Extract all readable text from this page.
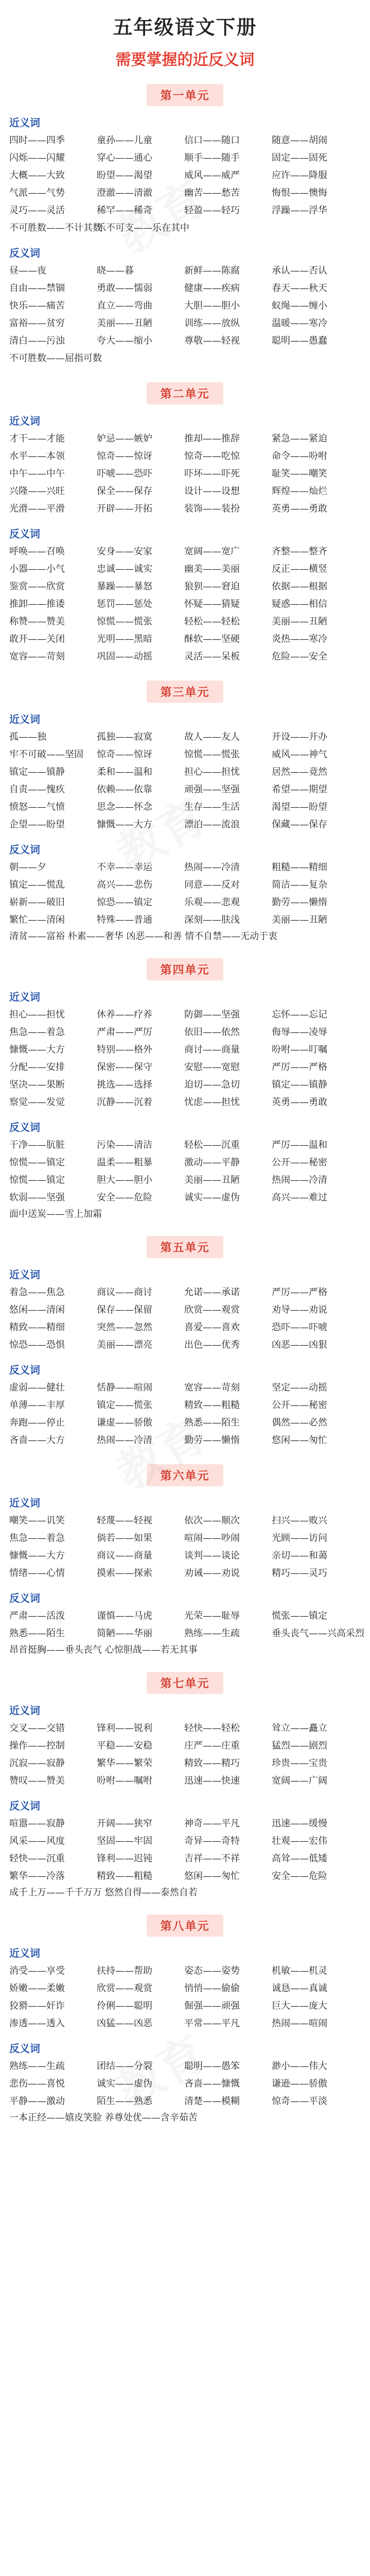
五年级语文下册
需要掌握的近反义词
第一单元
近义词
四时——四季	童孙——儿童	信口——随口	随意——胡闹
闪烁——闪耀	穿心——通心	顺手——随手	固定——固死
大概——大致	盼望——渴望	威风——威严	应许——降服
气派——气势	澄澈——清澈	幽苦——愁苦	悔恨——懊悔
灵巧——灵活	稀罕——稀奇	轻盈——轻巧	浮躁——浮华
不可胜数——不计其数
乐不可支——乐在其中
反义词
昼——夜	晓——暮	新鲜——陈腐	承认——否认
自由——禁锢	勇敢——懦弱	健康——疾病	春天——秋天
快乐——痛苦	直立——弯曲	大胆——胆小	蚁绳——缠小
富裕——贫穷	美丽——丑陋	训练——放纵	温暖——寒冷
清白——污浊	夸大——缩小	尊敬——轻视	聪明——愚蠢
不可胜数——屈指可数
第二单元
近义词
才干——才能	妒忌——嫉妒	推却——推辞	紧急——紧迫
水平——本领	惊奇——惊讶	惊奇——吃惊	命令——吩咐
中午——中午	吓唬——恐吓	吓坏——吓死	耻笑——嘲笑
兴隆——兴旺	保全——保存	设计——设想	辉煌——灿烂
光滑——平滑	开辟——开拓	装饰——装扮	英勇——勇敢
反义词
呼唤——召唤	安身——安家	宽阔——宽广	齐整——整齐
小器——小气	忠诚——诚实	幽美——美丽	反正——横竖
鉴赏——欣赏	暴躁——暴怒	狼狈——窘迫	依据——根据
推卸——推诿	惩罚——惩处	怀疑——猜疑	疑惑——相信
称赞——赞美	惊慌——慌张	轻松——轻松	美丽——丑陋
敢开——关闭	光明——黑暗	酥软——坚硬	炎热——寒冷
宽容——苛刻	巩固——动摇	灵活——呆板	危险——安全
第三单元
近义词
孤——独	孤独——寂寞	故人——友人	开设——开办
牢不可破——坚固	惊奇——惊讶	惊慌——慌张	威风——神气
镇定——镇静	柔和——温和	担心——担忧	居然——竟然
自责——愧疚	依赖——依靠	顽强——坚强	希望——期望
愤怒——气愤	思念——怀念	生存——生活	渴望——盼望
企望——盼望	慷慨——大方	漂泊——流浪	保藏——保存
反义词
朝——夕	不幸——幸运	热闹——冷清	粗糙——精细
镇定——慌乱	高兴——悲伤	同意——反对	简洁——复杂
崭新——破旧	惊恐——镇定	乐观——悲观	勤劳——懒惰
繁忙——清闲	特殊——普通	深刻——肤浅	美丽——丑陋
清贫——富裕 朴素——奢华 凶恶——和善 情不自禁——无动于衷
第四单元
近义词
担心——担忧	休养——疗养	防御——坚强	忘怀——忘记
焦急——着急	严肃——严厉	依旧——依然	侮辱——凌辱
慷慨——大方	特别——格外	商讨——商量	吩咐——叮嘱
分配——安排	保密——保守	安慰——宽慰	严厉——严格
坚决——果断	挑选——选择	迫切——急切	镇定——镇静
察觉——发觉	沉静——沉着	忧虑——担忧	英勇——勇敢
反义词
干净——肮脏	污染——清洁	轻松——沉重	严厉——温和
惊慌——镇定	温柔——粗暴	激动——平静	公开——秘密
惊慌——镇定	胆大——胆小	美丽——丑陋	热闹——冷清
软弱——坚强	安全——危险	诚实——虚伪	高兴——难过
面中送炭——雪上加霜
第五单元
近义词
着急——焦急	商议——商讨	允诺——承诺	严厉——严格
悠闲——清闲	保存——保留	欣赏——观赏	劝导——劝说
精致——精细	突然——忽然	喜爱——喜欢	恐吓——吓唬
惊恐——恐惧	美丽——漂亮	出色——优秀	凶恶——凶狠
反义词
虚弱——健壮	恬静——喧闹	宽容——苛刻	坚定——动摇
单薄——丰厚	镇定——慌张	精致——粗糙	公开——秘密
奔跑——停止	谦虚——骄傲	熟悉——陌生	偶然——必然
吝啬——大方	热闹——冷清	勤劳——懒惰	悠闲——匆忙
第六单元
近义词
嘲笑——讥笑	轻蔑——轻视	依次——顺次	扫兴——败兴
焦急——着急	倘若——如果	喧闹——吵闹	光顾——访问
慷慨——大方	商议——商量	谈判——谈论	亲切——和蔼
情绪——心情	摸索——探索	劝诫——劝说	精巧——灵巧
反义词
严肃——活泼	谨慎——马虎	光荣——耻辱	慌张——镇定
熟悉——陌生	简陋——华丽	熟练——生疏	垂头丧气——兴高采烈
昂首挺胸——垂头丧气 心惊胆战——若无其事
第七单元
近义词
交叉——交错	锋利——锐利	轻快——轻松	耸立——矗立
操作——控制	平稳——安稳	庄严——庄重	猛烈——剧烈
沉寂——寂静	繁华——繁荣	精致——精巧	珍贵——宝贵
赞叹——赞美	吩咐——嘱咐	迅速——快速	宽阔——广阔
反义词
喧嚣——寂静	开阔——狭窄	神奇——平凡	迅速——缓慢
风采——风度	坚固——牢固	奇异——奇特	壮观——宏伟
轻快——沉重	锋利——迟钝	吉祥——不祥	高耸——低矮
繁华——冷落	精致——粗糙	悠闲——匆忙	安全——危险
成千上万——千千万万 悠然自得——泰然自若
第八单元
近义词
消受——享受	扶持——帮助	姿态——姿势	机敏——机灵
娇嫩——柔嫩	欣赏——观赏	悄悄——偷偷	诚恳——真诚
狡猾——奸诈	伶俐——聪明	倔强——顽强	巨大——庞大
渗透——透入	凶猛——凶恶	平常——平凡	热闹——喧闹
反义词
熟练——生疏	团结——分裂	聪明——愚笨	渺小——伟大
悲伤——喜悦	诚实——虚伪	吝啬——慷慨	谦逊——骄傲
平静——激动	陌生——熟悉	清楚——模糊	惊奇——平淡
一本正经——嬉皮笑脸 养尊处优——含辛茹苦
